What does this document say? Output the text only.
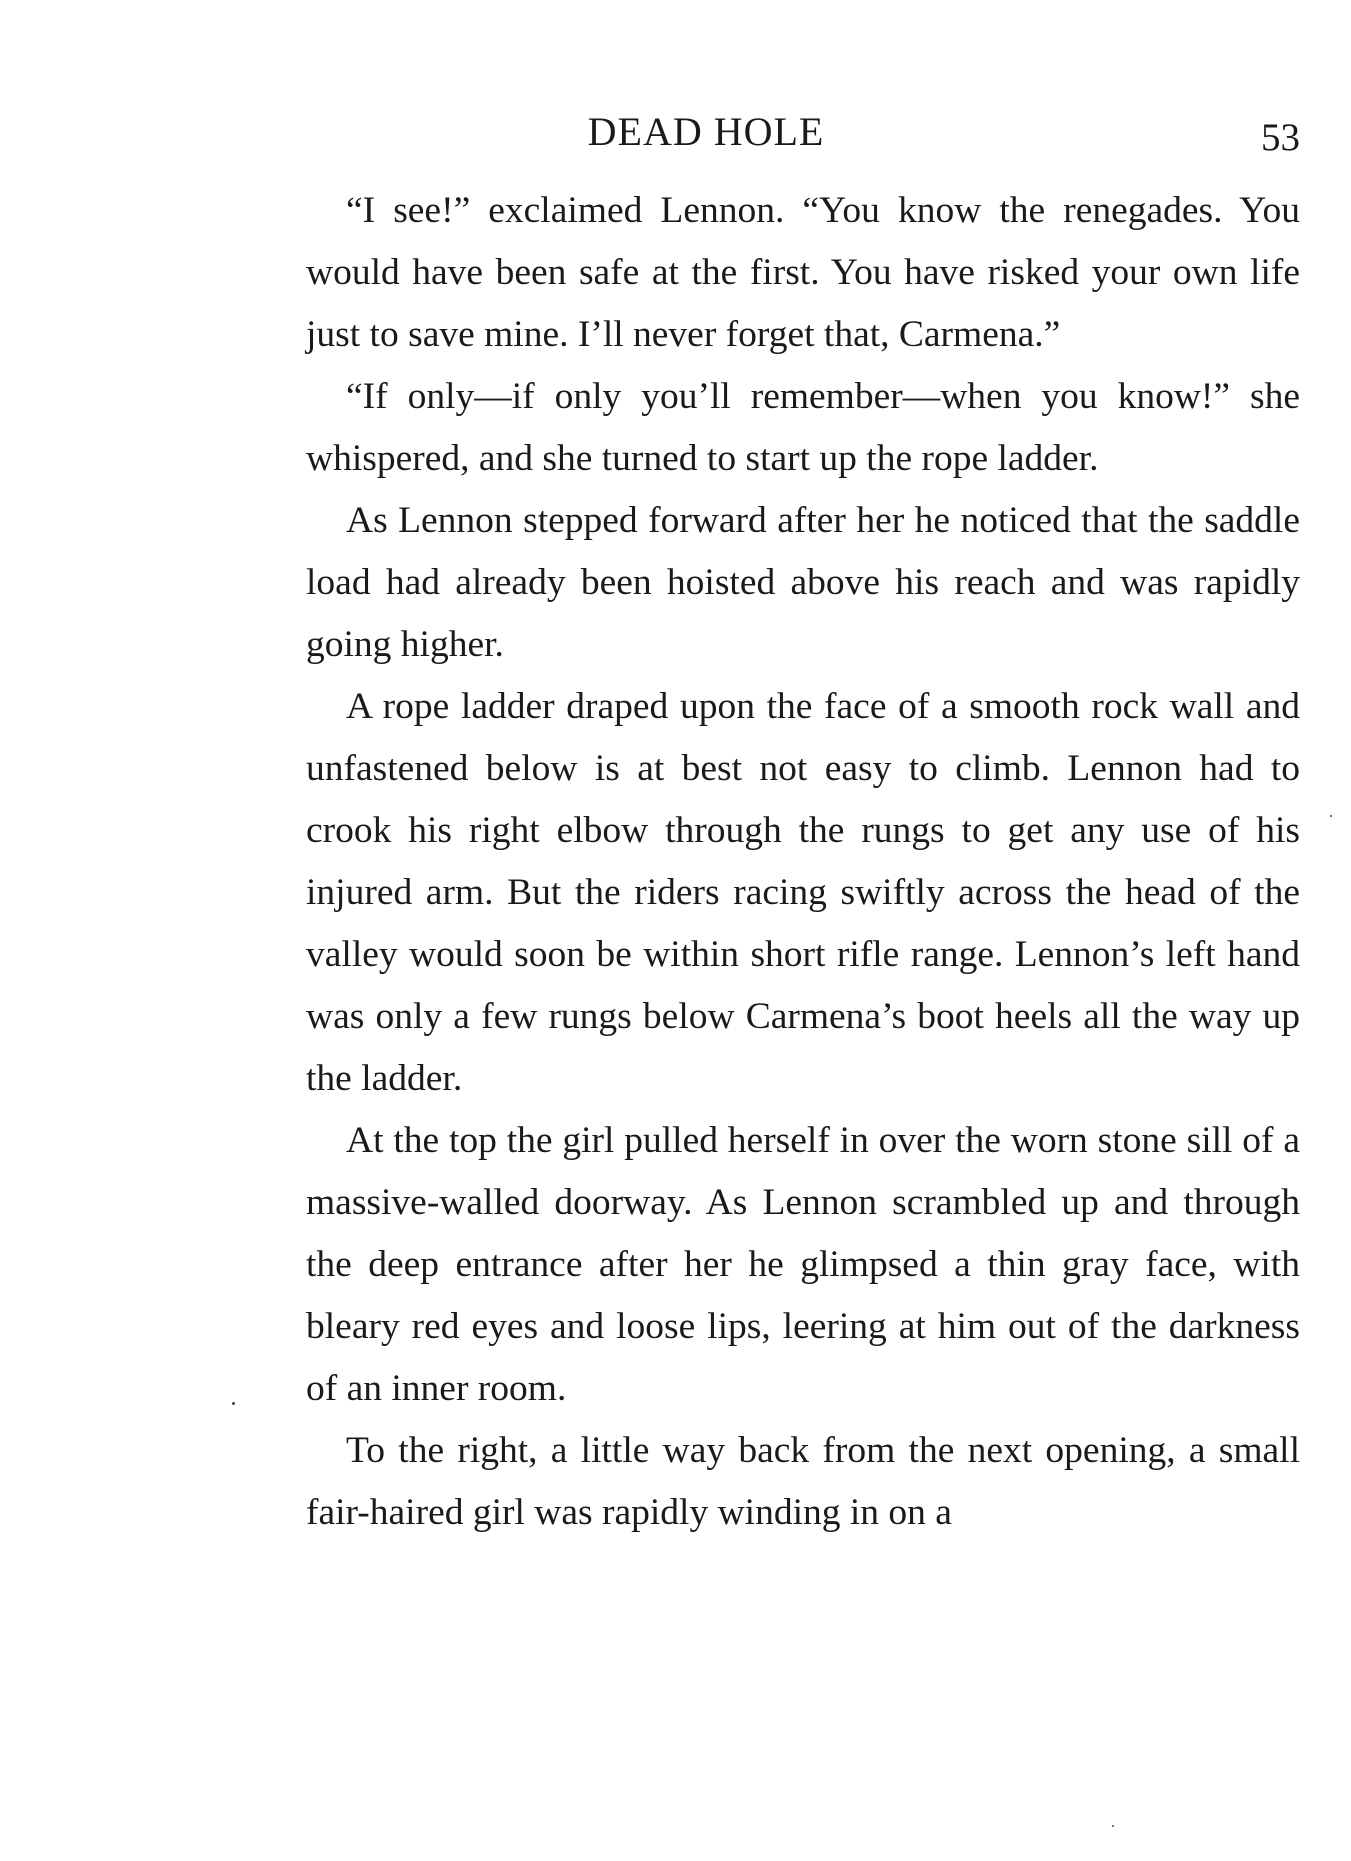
DEAD HOLE	53

“I see!” exclaimed Lennon. “You know the renegades. You would have been safe at the first. You have risked your own life just to save mine. I’ll never forget that, Carmena.”

“If only—if only you’ll remember—when you know!” she whispered, and she turned to start up the rope ladder.

As Lennon stepped forward after her he noticed that the saddle load had already been hoisted above his reach and was rapidly going higher.

A rope ladder draped upon the face of a smooth rock wall and unfastened below is at best not easy to climb. Lennon had to crook his right elbow through the rungs to get any use of his injured arm. But the riders racing swiftly across the head of the valley would soon be within short rifle range. Lennon’s left hand was only a few rungs below Carmena’s boot heels all the way up the ladder.

At the top the girl pulled herself in over the worn stone sill of a massive-walled doorway. As Lennon scrambled up and through the deep entrance after her he glimpsed a thin gray face, with bleary red eyes and loose lips, leering at him out of the darkness of an inner room.

To the right, a little way back from the next opening, a small fair-haired girl was rapidly winding in on a
